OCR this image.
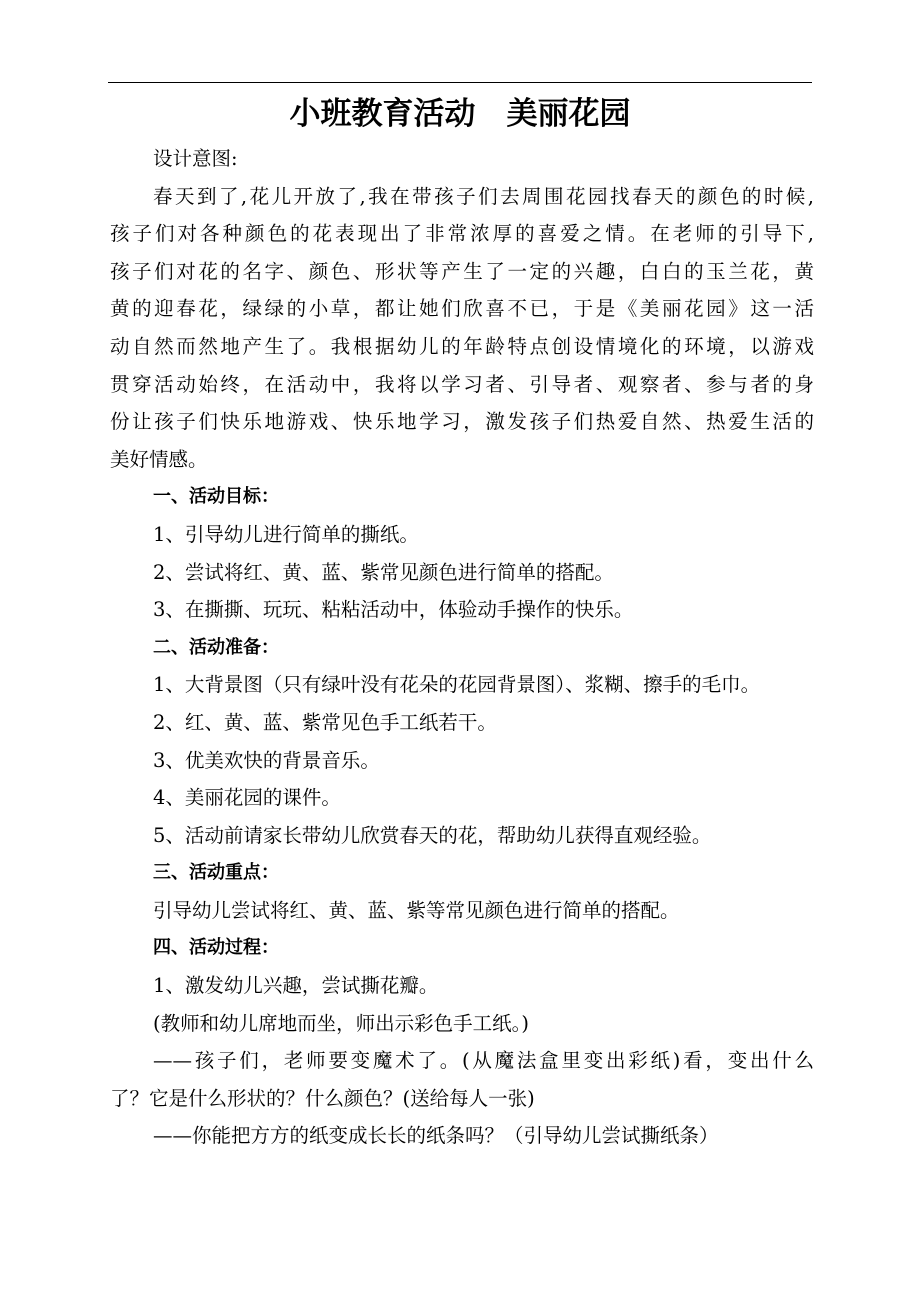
小班教育活动　美丽花园
设计意图:
春天到了,花儿开放了,我在带孩子们去周围花园找春天的颜色的时候,
孩子们对各种颜色的花表现出了非常浓厚的喜爱之情。在老师的引导下,
孩子们对花的名字、颜色、形状等产生了一定的兴趣，白白的玉兰花，黄
黄的迎春花，绿绿的小草，都让她们欣喜不已，于是《美丽花园》这一活
动自然而然地产生了。我根据幼儿的年龄特点创设情境化的环境，以游戏
贯穿活动始终，在活动中，我将以学习者、引导者、观察者、参与者的身
份让孩子们快乐地游戏、快乐地学习，激发孩子们热爱自然、热爱生活的
美好情感。
一、活动目标：
1、引导幼儿进行简单的撕纸。
2、尝试将红、黄、蓝、紫常见颜色进行简单的搭配。
3、在撕撕、玩玩、粘粘活动中，体验动手操作的快乐。
二、活动准备：
1、大背景图（只有绿叶没有花朵的花园背景图）、浆糊、擦手的毛巾。
2、红、黄、蓝、紫常见色手工纸若干。
3、优美欢快的背景音乐。
4、美丽花园的课件。
5、活动前请家长带幼儿欣赏春天的花，帮助幼儿获得直观经验。
三、活动重点：
引导幼儿尝试将红、黄、蓝、紫等常见颜色进行简单的搭配。
四、活动过程：
1、激发幼儿兴趣，尝试撕花瓣。
(教师和幼儿席地而坐，师出示彩色手工纸。)
——孩子们，老师要变魔术了。(从魔法盒里变出彩纸)看，变出什么
了？它是什么形状的？什么颜色？(送给每人一张)
——你能把方方的纸变成长长的纸条吗？（引导幼儿尝试撕纸条）
